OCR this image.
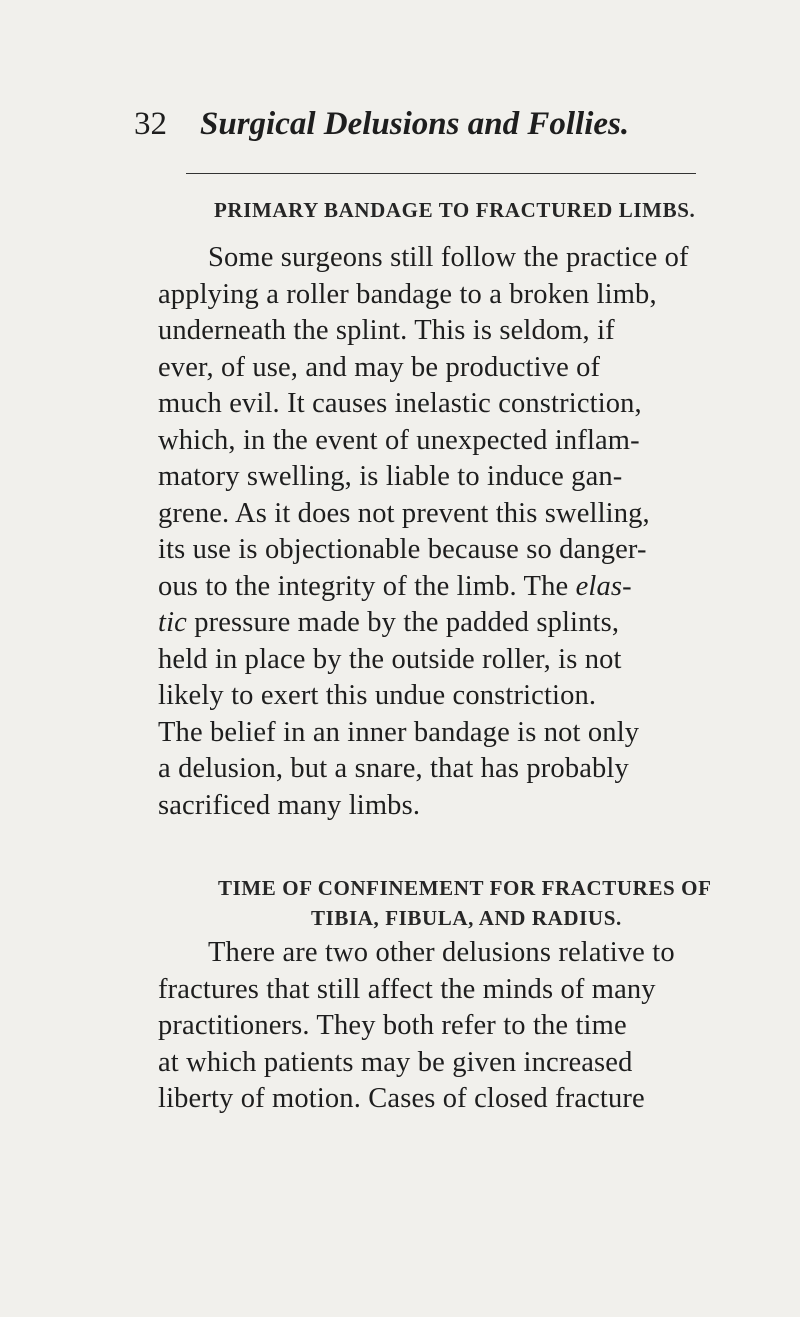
32 Surgical Delusions and Follies.
PRIMARY BANDAGE TO FRACTURED LIMBS.
Some surgeons still follow the practice of
applying a roller bandage to a broken limb,
underneath the splint. This is seldom, if
ever, of use, and may be productive of
much evil. It causes inelastic constriction,
which, in the event of unexpected inflam-
matory swelling, is liable to induce gan-
grene. As it does not prevent this swelling,
its use is objectionable because so danger-
ous to the integrity of the limb. The elas-
tic pressure made by the padded splints,
held in place by the outside roller, is not
likely to exert this undue constriction.
The belief in an inner bandage is not only
a delusion, but a snare, that has probably
sacrificed many limbs.
TIME OF CONFINEMENT FOR FRACTURES OF
TIBIA, FIBULA, AND RADIUS.
There are two other delusions relative to
fractures that still affect the minds of many
practitioners. They both refer to the time
at which patients may be given increased
liberty of motion. Cases of closed fracture
